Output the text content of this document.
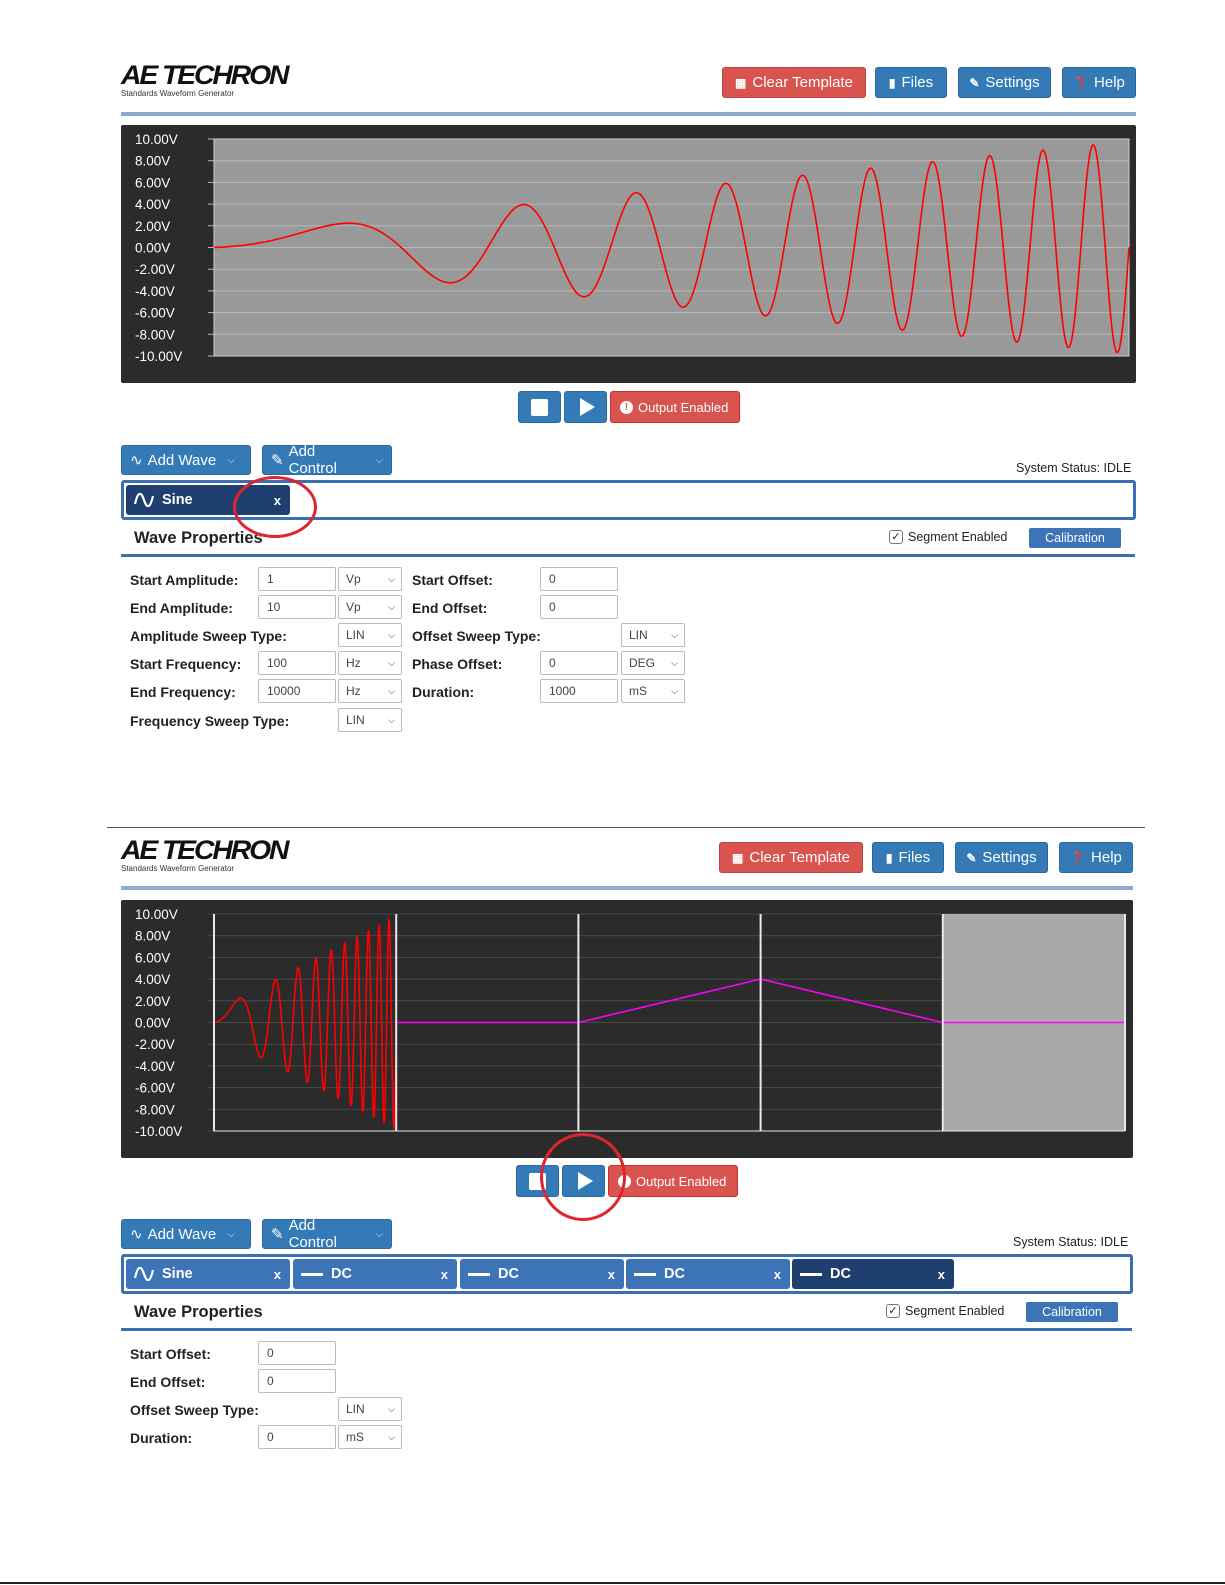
AE TECHRON
Standards Waveform Generator
▦ Clear Template	▮ Files	✎ Settings	❓ Help
10.00V
8.00V
6.00V
4.00V
2.00V
0.00V
-2.00V
-4.00V
-6.00V
-8.00V
-10.00V
! Output Enabled
∿ Add Wave ⌵ ✎
Add Control	⌵
System Status: IDLE
Sine	x
Wave Properties	✓ Segment Enabled	Calibration
Start Amplitude:	1	Vp	⌵
End Amplitude:	10	Vp	⌵
Amplitude Sweep Type:	LIN	⌵
Start Frequency:	100	Hz	⌵
End Frequency:	10000	Hz	⌵
Frequency Sweep Type:	LIN	⌵
Start Offset:	0
End Offset:	0
Offset Sweep Type:	LIN	⌵
Phase Offset:	0	DEG ⌵
Duration:	1000	mS	⌵
AE TECHRON
Standards Waveform Generator
▦ Clear Template	▮ Files	✎ Settings	❓ Help
10.00V
8.00V
6.00V
4.00V
2.00V
0.00V
-2.00V
-4.00V
-6.00V
-8.00V
-10.00V
! Output Enabled
∿ Add Wave ⌵ ✎
Add Control	⌵
System Status: IDLE
Sine	x	DC	x	DC	x	DC	x	DC	x
Wave Properties	✓ Segment Enabled	Calibration
Start Offset:	0
End Offset:	0
Offset Sweep Type:	LIN	⌵
Duration:	0	mS	⌵
